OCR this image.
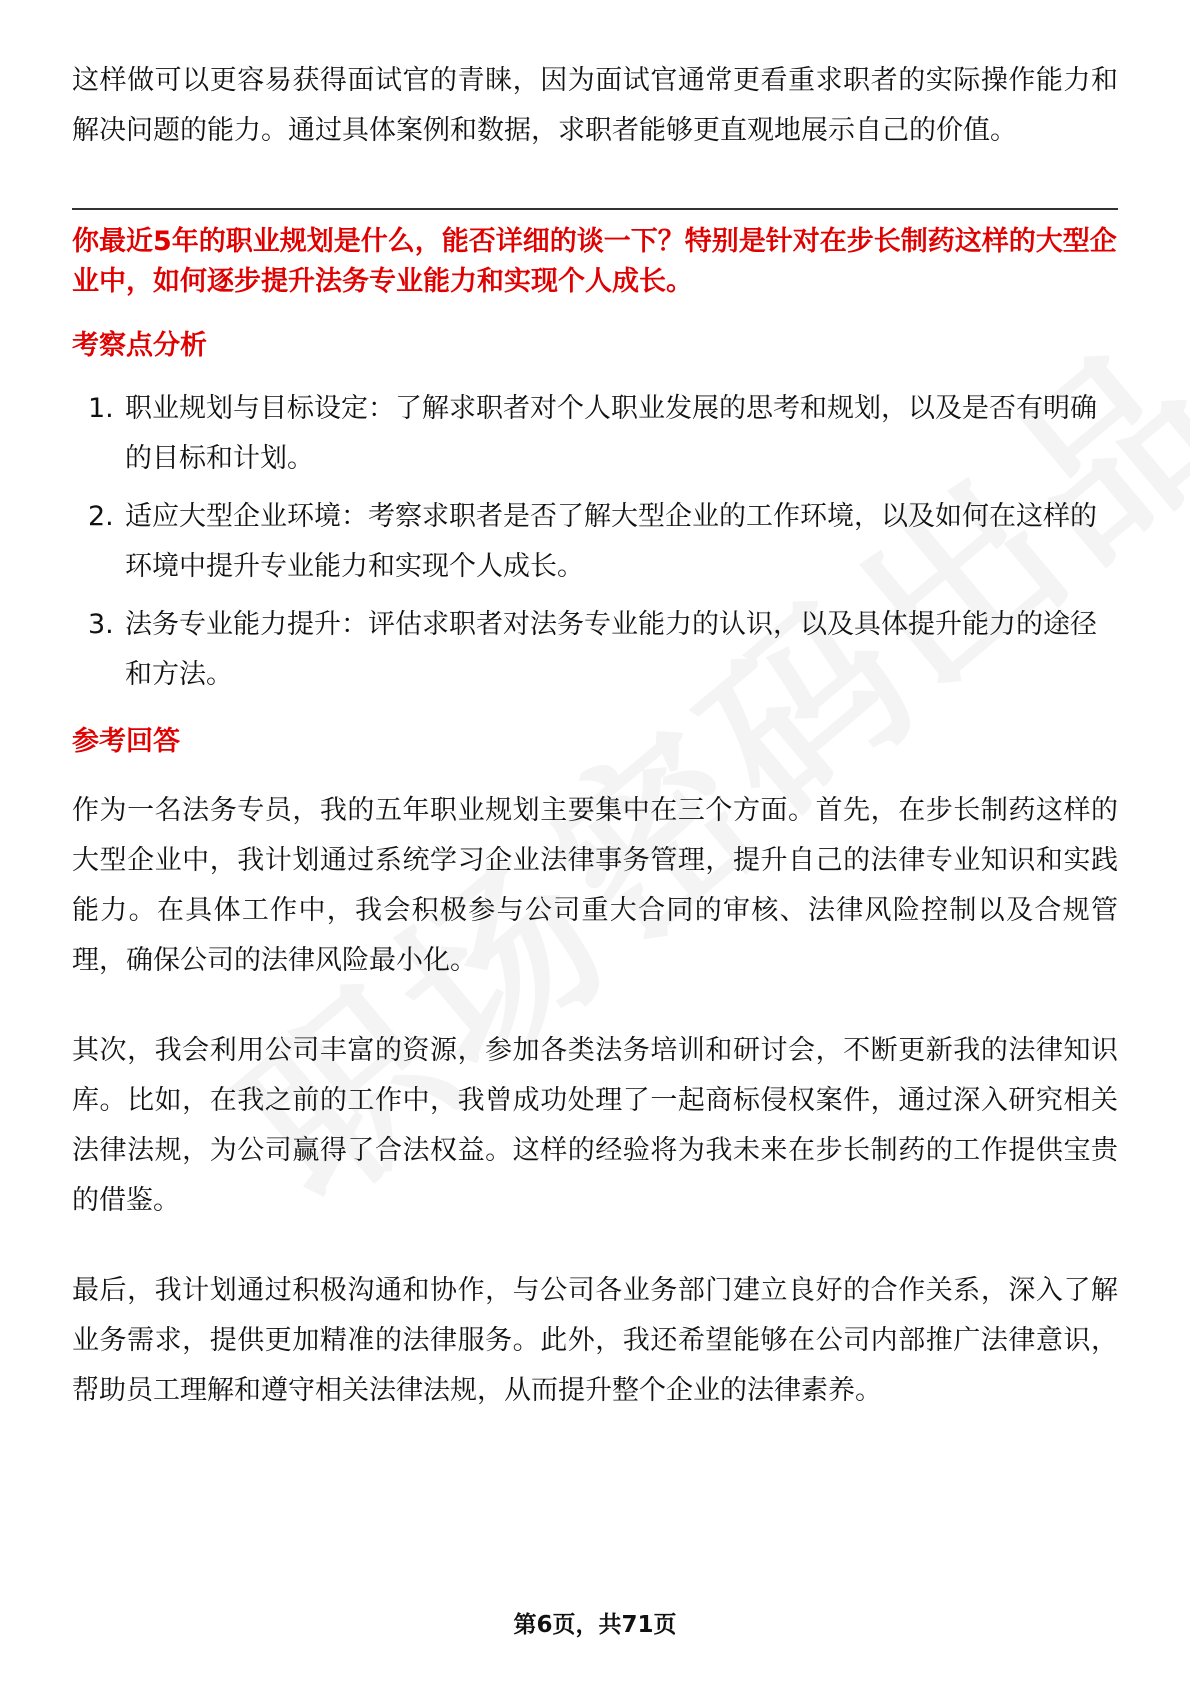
这样做可以更容易获得面试官的青睐，因为面试官通常更看重求职者的实际操作能力和解决问题的能力。通过具体案例和数据，求职者能够更直观地展示自己的价值。

你最近5年的职业规划是什么，能否详细的谈一下？特别是针对在步长制药这样的大型企业中，如何逐步提升法务专业能力和实现个人成长。

考察点分析
1. 职业规划与目标设定：了解求职者对个人职业发展的思考和规划，以及是否有明确的目标和计划。
2. 适应大型企业环境：考察求职者是否了解大型企业的工作环境，以及如何在这样的环境中提升专业能力和实现个人成长。
3. 法务专业能力提升：评估求职者对法务专业能力的认识，以及具体提升能力的途径和方法。
参考回答

作为一名法务专员，我的五年职业规划主要集中在三个方面。首先，在步长制药这样的大型企业中，我计划通过系统学习企业法律事务管理，提升自己的法律专业知识和实践能力。在具体工作中，我会积极参与公司重大合同的审核、法律风险控制以及合规管理，确保公司的法律风险最小化。

其次，我会利用公司丰富的资源，参加各类法务培训和研讨会，不断更新我的法律知识库。比如，在我之前的工作中，我曾成功处理了一起商标侵权案件，通过深入研究相关法律法规，为公司赢得了合法权益。这样的经验将为我未来在步长制药的工作提供宝贵的借鉴。

最后，我计划通过积极沟通和协作，与公司各业务部门建立良好的合作关系，深入了解业务需求，提供更加精准的法律服务。此外，我还希望能够在公司内部推广法律意识，帮助员工理解和遵守相关法律法规，从而提升整个企业的法律素养。

第6页，共71页
